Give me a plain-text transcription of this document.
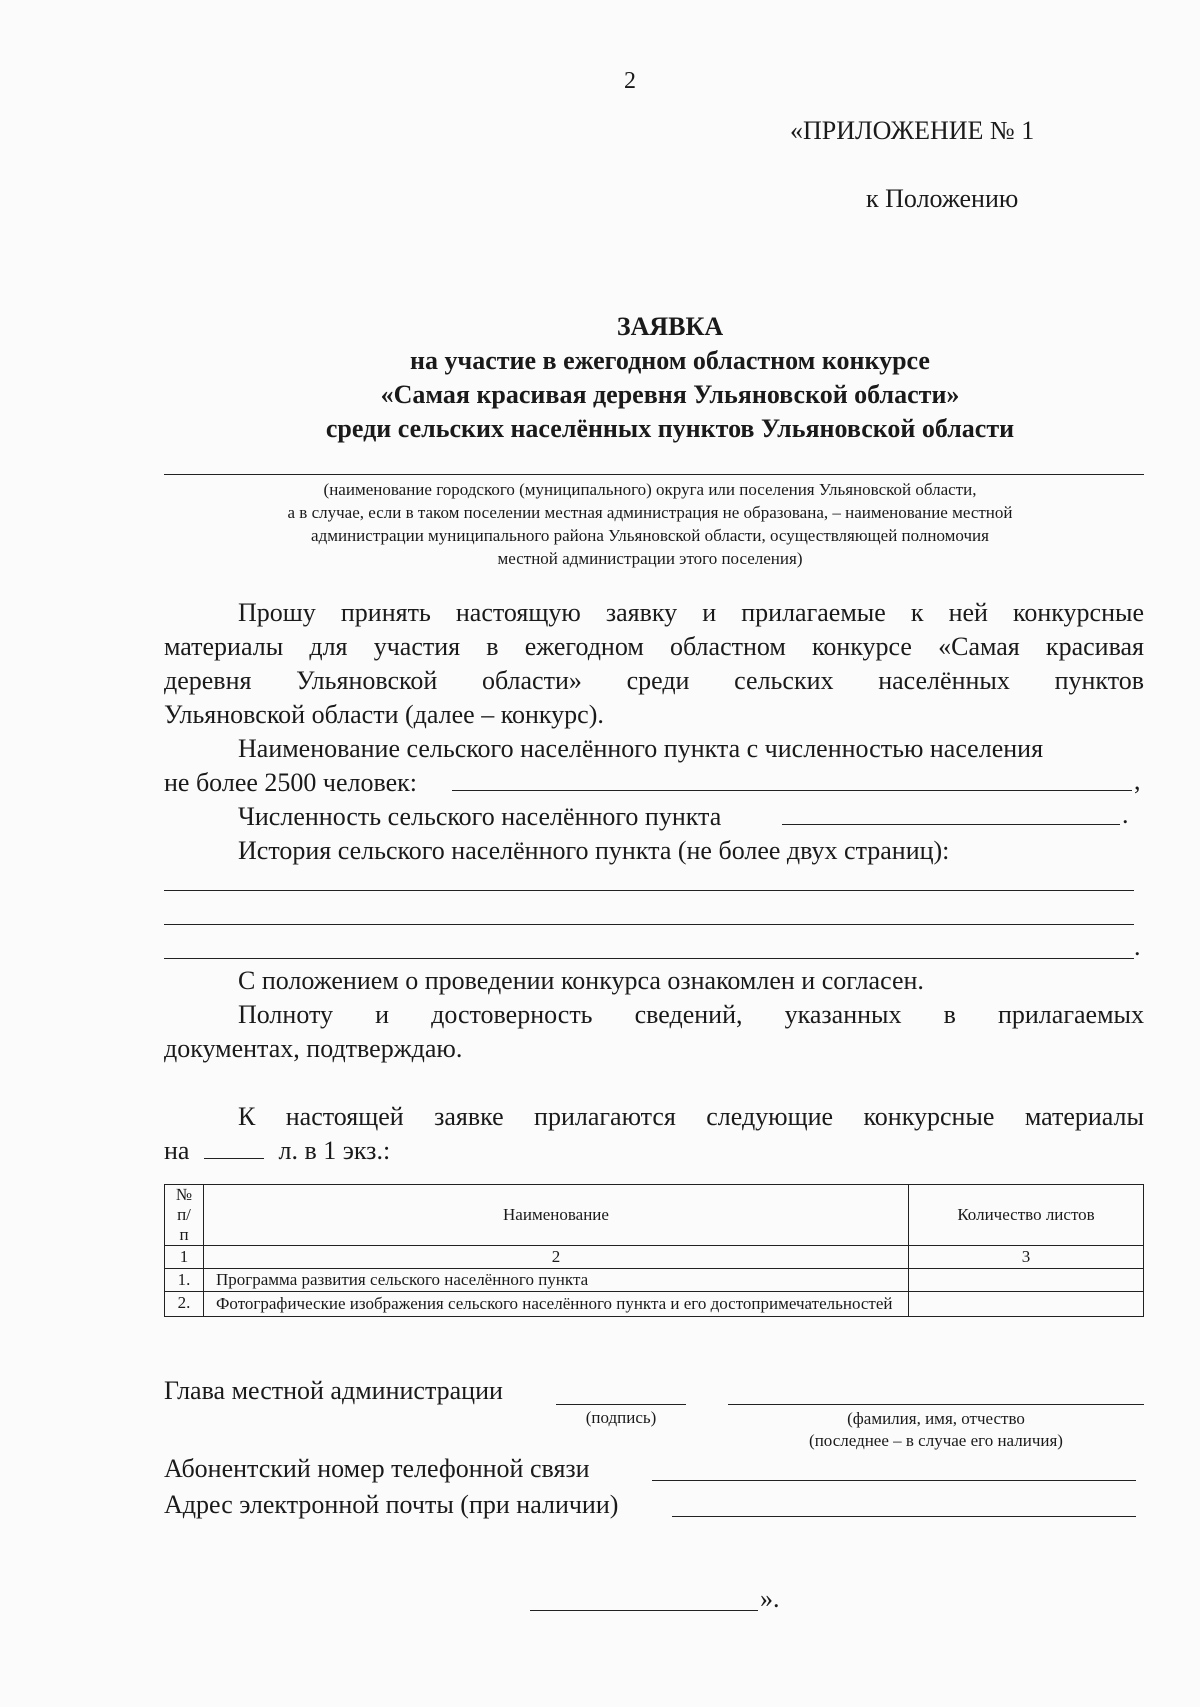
2
«ПРИЛОЖЕНИЕ № 1
к Положению
ЗАЯВКА
на участие в ежегодном областном конкурсе
«Самая красивая деревня Ульяновской области»
среди сельских населённых пунктов Ульяновской области
(наименование городского (муниципального) округа или поселения Ульяновской области,
а в случае, если в таком поселении местная администрация не образована, – наименование местной
администрации муниципального района Ульяновской области, осуществляющей полномочия
местной администрации этого поселения)
Прошу принять настоящую заявку и прилагаемые к ней конкурсные
материалы для участия в ежегодном областном конкурсе «Самая красивая
деревня Ульяновской области» среди сельских населённых пунктов
Ульяновской области (далее – конкурс).
Наименование сельского населённого пункта с численностью населения
не более 2500 человек:	,
Численность сельского населённого пункта	.
История сельского населённого пункта (не более двух страниц):
.
С положением о проведении конкурса ознакомлен и согласен.
Полноту и достоверность сведений, указанных в прилагаемых
документах, подтверждаю.
К настоящей заявке прилагаются следующие конкурсные материалы
на	л. в 1 экз.:
№ п/п	Наименование	Количество листов
1	2	3
1.	Программа развития сельского населённого пункта	
2.	Фотографические изображения сельского населённого пункта и его достопримечательностей	
Глава местной администрации
(подпись)	(фамилия, имя, отчество
(последнее – в случае его наличия)
Абонентский номер телефонной связи
Адрес электронной почты (при наличии)
».
